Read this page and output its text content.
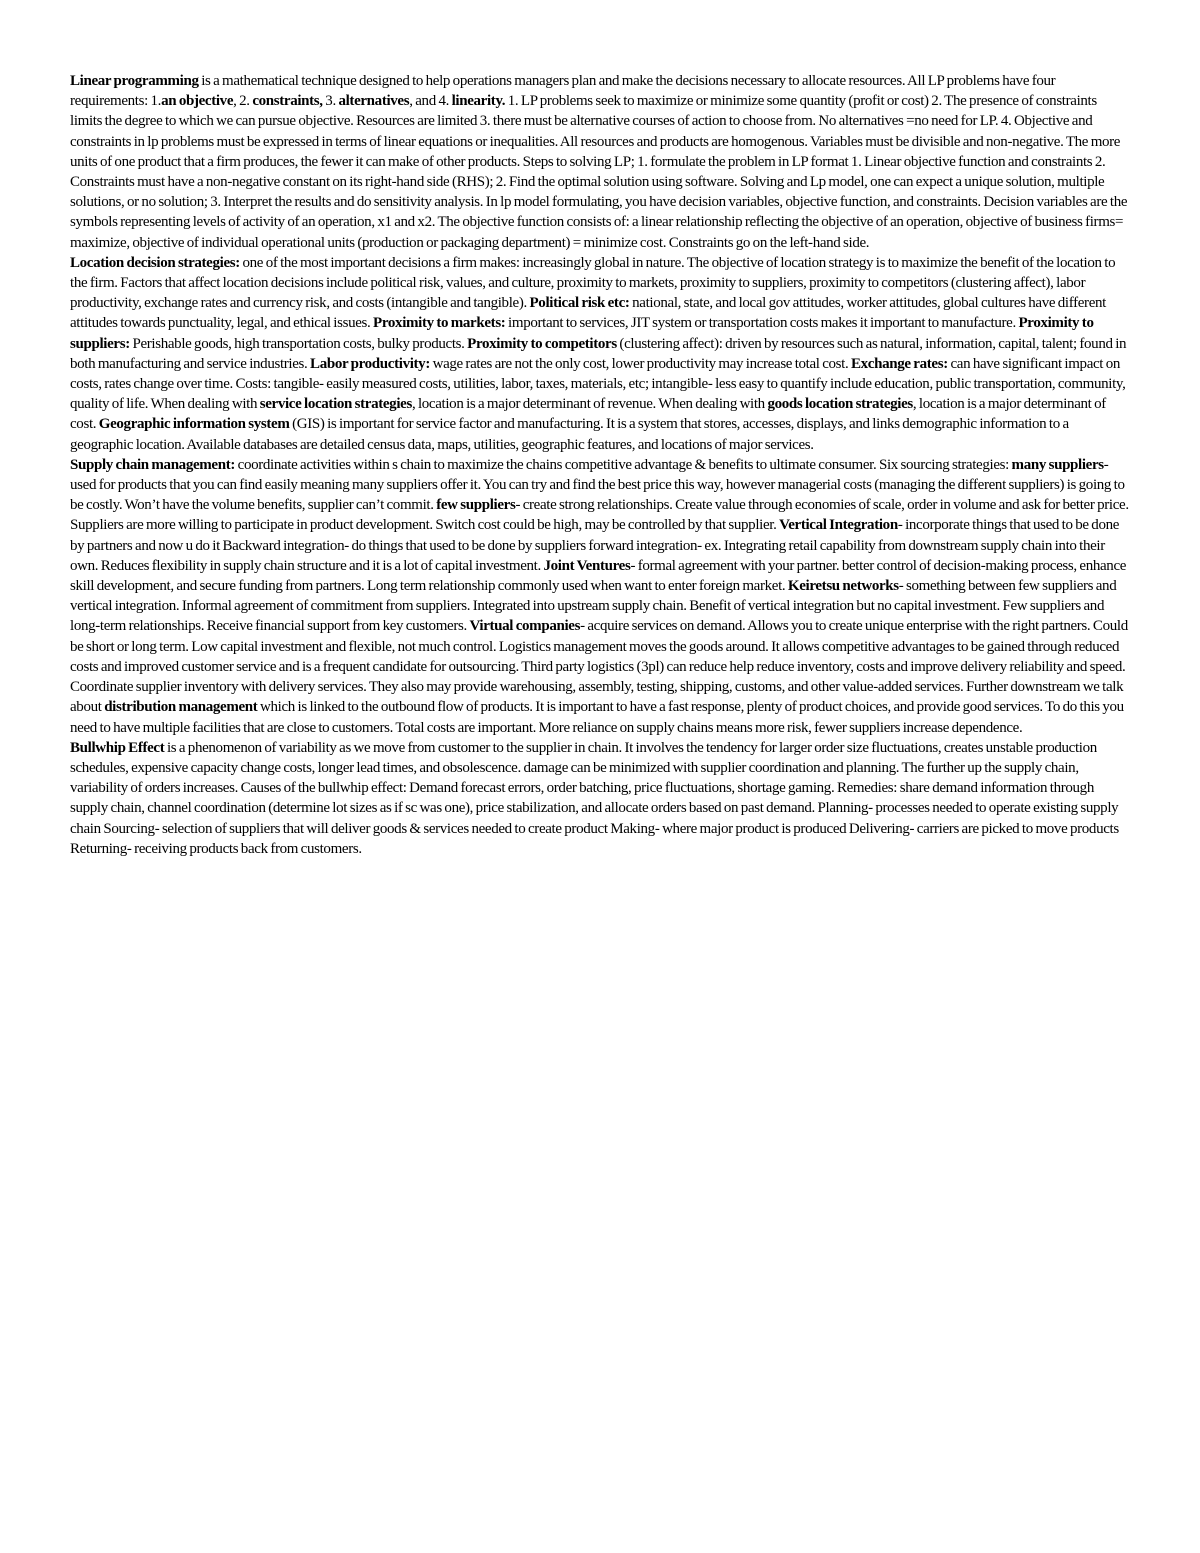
Linear programming is a mathematical technique designed to help operations managers plan and make the decisions necessary to allocate resources. All LP problems have four requirements: 1.an objective, 2. constraints, 3. alternatives, and 4. linearity. 1. LP problems seek to maximize or minimize some quantity (profit or cost) 2. The presence of constraints limits the degree to which we can pursue objective. Resources are limited 3. there must be alternative courses of action to choose from. No alternatives =no need for LP. 4. Objective and constraints in lp problems must be expressed in terms of linear equations or inequalities. All resources and products are homogenous. Variables must be divisible and non-negative. The more units of one product that a firm produces, the fewer it can make of other products. Steps to solving LP; 1. formulate the problem in LP format 1. Linear objective function and constraints 2. Constraints must have a non-negative constant on its right-hand side (RHS); 2. Find the optimal solution using software. Solving and Lp model, one can expect a unique solution, multiple solutions, or no solution; 3. Interpret the results and do sensitivity analysis. In lp model formulating, you have decision variables, objective function, and constraints. Decision variables are the symbols representing levels of activity of an operation, x1 and x2. The objective function consists of: a linear relationship reflecting the objective of an operation, objective of business firms= maximize, objective of individual operational units (production or packaging department) = minimize cost. Constraints go on the left-hand side.

Location decision strategies: one of the most important decisions a firm makes: increasingly global in nature. The objective of location strategy is to maximize the benefit of the location to the firm. Factors that affect location decisions include political risk, values, and culture, proximity to markets, proximity to suppliers, proximity to competitors (clustering affect), labor productivity, exchange rates and currency risk, and costs (intangible and tangible). Political risk etc: national, state, and local gov attitudes, worker attitudes, global cultures have different attitudes towards punctuality, legal, and ethical issues. Proximity to markets: important to services, JIT system or transportation costs makes it important to manufacture. Proximity to suppliers: Perishable goods, high transportation costs, bulky products. Proximity to competitors (clustering affect): driven by resources such as natural, information, capital, talent; found in both manufacturing and service industries. Labor productivity: wage rates are not the only cost, lower productivity may increase total cost. Exchange rates: can have significant impact on costs, rates change over time. Costs: tangible- easily measured costs, utilities, labor, taxes, materials, etc; intangible- less easy to quantify include education, public transportation, community, quality of life. When dealing with service location strategies, location is a major determinant of revenue. When dealing with goods location strategies, location is a major determinant of cost. Geographic information system (GIS) is important for service factor and manufacturing. It is a system that stores, accesses, displays, and links demographic information to a geographic location. Available databases are detailed census data, maps, utilities, geographic features, and locations of major services.

Supply chain management: coordinate activities within s chain to maximize the chains competitive advantage & benefits to ultimate consumer. Six sourcing strategies: many suppliers- used for products that you can find easily meaning many suppliers offer it. You can try and find the best price this way, however managerial costs (managing the different suppliers) is going to be costly. Won’t have the volume benefits, supplier can’t commit. few suppliers- create strong relationships. Create value through economies of scale, order in volume and ask for better price. Suppliers are more willing to participate in product development. Switch cost could be high, may be controlled by that supplier. Vertical Integration- incorporate things that used to be done by partners and now u do it Backward integration- do things that used to be done by suppliers forward integration- ex. Integrating retail capability from downstream supply chain into their own. Reduces flexibility in supply chain structure and it is a lot of capital investment. Joint Ventures- formal agreement with your partner. better control of decision-making process, enhance skill development, and secure funding from partners. Long term relationship commonly used when want to enter foreign market. Keiretsu networks- something between few suppliers and vertical integration. Informal agreement of commitment from suppliers. Integrated into upstream supply chain. Benefit of vertical integration but no capital investment. Few suppliers and long-term relationships. Receive financial support from key customers. Virtual companies- acquire services on demand. Allows you to create unique enterprise with the right partners. Could be short or long term. Low capital investment and flexible, not much control. Logistics management moves the goods around. It allows competitive advantages to be gained through reduced costs and improved customer service and is a frequent candidate for outsourcing. Third party logistics (3pl) can reduce help reduce inventory, costs and improve delivery reliability and speed. Coordinate supplier inventory with delivery services. They also may provide warehousing, assembly, testing, shipping, customs, and other value-added services. Further downstream we talk about distribution management which is linked to the outbound flow of products. It is important to have a fast response, plenty of product choices, and provide good services. To do this you need to have multiple facilities that are close to customers. Total costs are important. More reliance on supply chains means more risk, fewer suppliers increase dependence.

Bullwhip Effect is a phenomenon of variability as we move from customer to the supplier in chain. It involves the tendency for larger order size fluctuations, creates unstable production schedules, expensive capacity change costs, longer lead times, and obsolescence. damage can be minimized with supplier coordination and planning. The further up the supply chain, variability of orders increases. Causes of the bullwhip effect: Demand forecast errors, order batching, price fluctuations, shortage gaming. Remedies: share demand information through supply chain, channel coordination (determine lot sizes as if sc was one), price stabilization, and allocate orders based on past demand. Planning- processes needed to operate existing supply chain Sourcing- selection of suppliers that will deliver goods & services needed to create product Making- where major product is produced Delivering- carriers are picked to move products Returning- receiving products back from customers.
